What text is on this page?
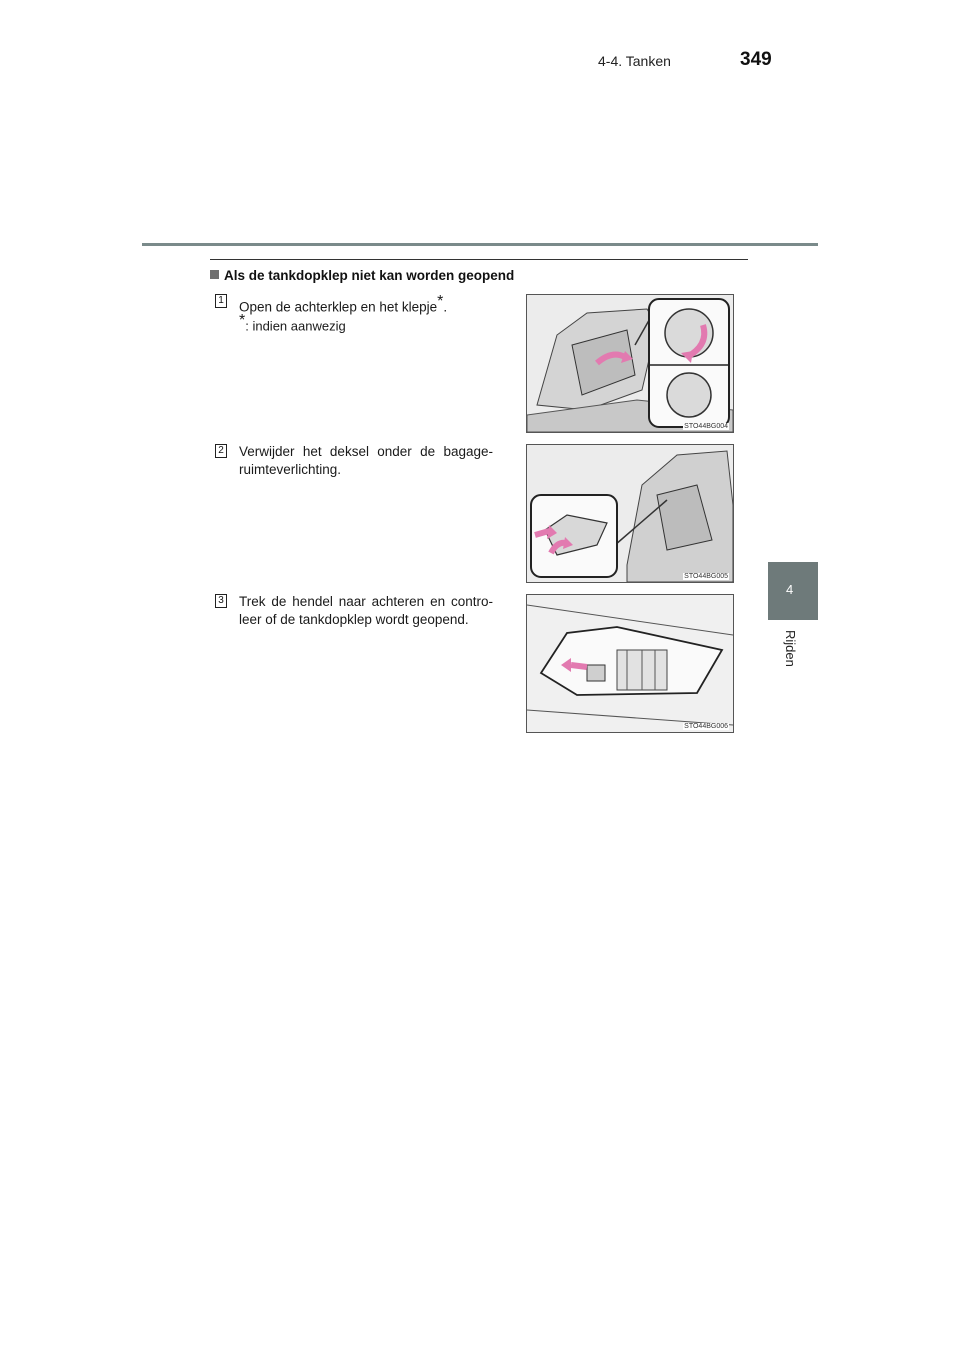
4-4. Tanken	349
4
Rijden
Als de tankdopklep niet kan worden geopend
1 Open de achterklep en het klepje*.
*: indien aanwezig
STO44BG004
2 Verwijder het deksel onder de bagage-ruimteverlichting.
STO44BG005
3 Trek de hendel naar achteren en contro-leer of de tankdopklep wordt geopend.
STO44BG006
